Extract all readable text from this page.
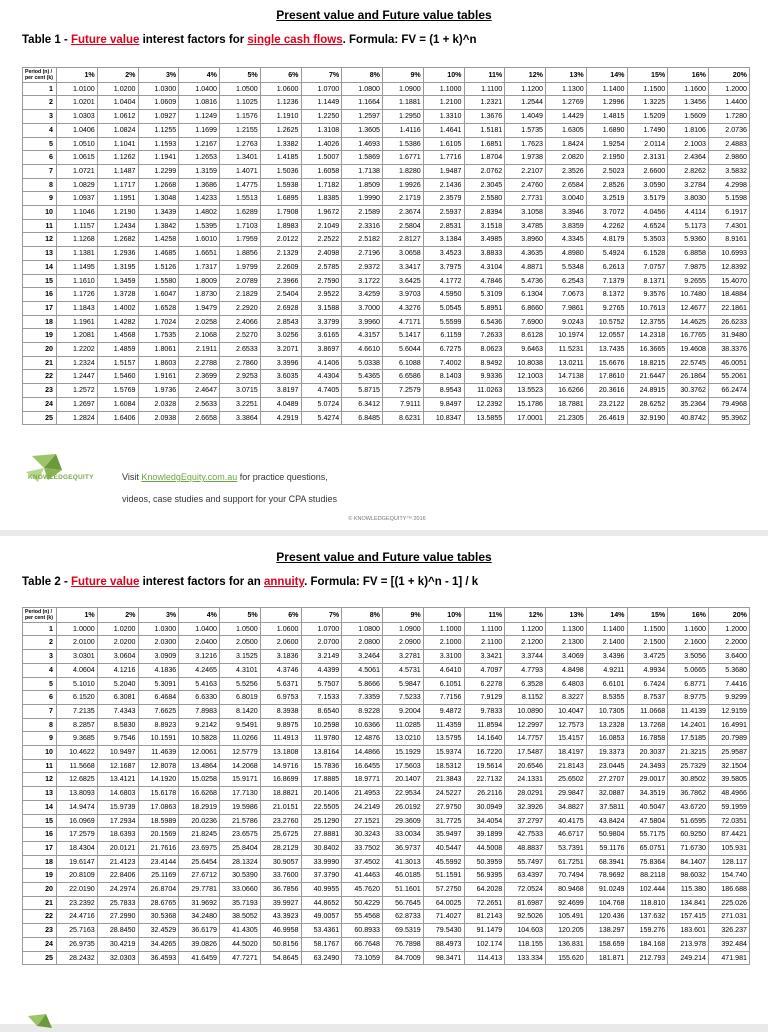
Present value and Future value tables
Table 1 - Future value interest factors for single cash flows. Formula: FV = (1 + k)^n
Period (n) / per cent (k)	1%	2%	3%	4%	5%	6%	7%	8%	9%	10%	11%	12%	13%	14%	15%	16%	20%
1	1.0100	1.0200	1.0300	1.0400	1.0500	1.0600	1.0700	1.0800	1.0900	1.1000	1.1100	1.1200	1.1300	1.1400	1.1500	1.1600	1.2000
2	1.0201	1.0404	1.0609	1.0816	1.1025	1.1236	1.1449	1.1664	1.1881	1.2100	1.2321	1.2544	1.2769	1.2996	1.3225	1.3456	1.4400
3	1.0303	1.0612	1.0927	1.1249	1.1576	1.1910	1.2250	1.2597	1.2950	1.3310	1.3676	1.4049	1.4429	1.4815	1.5209	1.5609	1.7280
4	1.0406	1.0824	1.1255	1.1699	1.2155	1.2625	1.3108	1.3605	1.4116	1.4641	1.5181	1.5735	1.6305	1.6890	1.7490	1.8106	2.0736
5	1.0510	1.1041	1.1593	1.2167	1.2763	1.3382	1.4026	1.4693	1.5386	1.6105	1.6851	1.7623	1.8424	1.9254	2.0114	2.1003	2.4883
6	1.0615	1.1262	1.1941	1.2653	1.3401	1.4185	1.5007	1.5869	1.6771	1.7716	1.8704	1.9738	2.0820	2.1950	2.3131	2.4364	2.9860
7	1.0721	1.1487	1.2299	1.3159	1.4071	1.5036	1.6058	1.7138	1.8280	1.9487	2.0762	2.2107	2.3526	2.5023	2.6600	2.8262	3.5832
8	1.0829	1.1717	1.2668	1.3686	1.4775	1.5938	1.7182	1.8509	1.9926	2.1436	2.3045	2.4760	2.6584	2.8526	3.0590	3.2784	4.2998
9	1.0937	1.1951	1.3048	1.4233	1.5513	1.6895	1.8385	1.9990	2.1719	2.3579	2.5580	2.7731	3.0040	3.2519	3.5179	3.8030	5.1598
10	1.1046	1.2190	1.3439	1.4802	1.6289	1.7908	1.9672	2.1589	2.3674	2.5937	2.8394	3.1058	3.3946	3.7072	4.0456	4.4114	6.1917
11	1.1157	1.2434	1.3842	1.5395	1.7103	1.8983	2.1049	2.3316	2.5804	2.8531	3.1518	3.4785	3.8359	4.2262	4.6524	5.1173	7.4301
12	1.1268	1.2682	1.4258	1.6010	1.7959	2.0122	2.2522	2.5182	2.8127	3.1384	3.4985	3.8960	4.3345	4.8179	5.3503	5.9360	8.9161
13	1.1381	1.2936	1.4685	1.6651	1.8856	2.1329	2.4098	2.7196	3.0658	3.4523	3.8833	4.3635	4.8980	5.4924	6.1528	6.8858	10.6993
14	1.1495	1.3195	1.5126	1.7317	1.9799	2.2609	2.5785	2.9372	3.3417	3.7975	4.3104	4.8871	5.5348	6.2613	7.0757	7.9875	12.8392
15	1.1610	1.3459	1.5580	1.8009	2.0789	2.3966	2.7590	3.1722	3.6425	4.1772	4.7846	5.4736	6.2543	7.1379	8.1371	9.2655	15.4070
16	1.1726	1.3728	1.6047	1.8730	2.1829	2.5404	2.9522	3.4259	3.9703	4.5950	5.3109	6.1304	7.0673	8.1372	9.3576	10.7480	18.4884
17	1.1843	1.4002	1.6528	1.9479	2.2920	2.6928	3.1588	3.7000	4.3276	5.0545	5.8951	6.8660	7.9861	9.2765	10.7613	12.4677	22.1861
18	1.1961	1.4282	1.7024	2.0258	2.4066	2.8543	3.3799	3.9960	4.7171	5.5599	6.5436	7.6900	9.0243	10.5752	12.3755	14.4625	26.6233
19	1.2081	1.4568	1.7535	2.1068	2.5270	3.0256	3.6165	4.3157	5.1417	6.1159	7.2633	8.6128	10.1974	12.0557	14.2318	16.7765	31.9480
20	1.2202	1.4859	1.8061	2.1911	2.6533	3.2071	3.8697	4.6610	5.6044	6.7275	8.0623	9.6463	11.5231	13.7435	16.3665	19.4608	38.3376
21	1.2324	1.5157	1.8603	2.2788	2.7860	3.3996	4.1406	5.0338	6.1088	7.4002	8.9492	10.8038	13.0211	15.6676	18.8215	22.5745	46.0051
22	1.2447	1.5460	1.9161	2.3699	2.9253	3.6035	4.4304	5.4365	6.6586	8.1403	9.9336	12.1003	14.7138	17.8610	21.6447	26.1864	55.2061
23	1.2572	1.5769	1.9736	2.4647	3.0715	3.8197	4.7405	5.8715	7.2579	8.9543	11.0263	13.5523	16.6266	20.3616	24.8915	30.3762	66.2474
24	1.2697	1.6084	2.0328	2.5633	3.2251	4.0489	5.0724	6.3412	7.9111	9.8497	12.2392	15.1786	18.7881	23.2122	28.6252	35.2364	79.4968
25	1.2824	1.6406	2.0938	2.6658	3.3864	4.2919	5.4274	6.8485	8.6231	10.8347	13.5855	17.0001	21.2305	26.4619	32.9190	40.8742	95.3962
KNOWLEDGEQUITY	Visit KnowledgEquity.com.au for practice questions,
videos, case studies and support for your CPA studies
© KNOWLEDGEQUITY™ 2016
Present value and Future value tables
Table 2 - Future value interest factors for an annuity. Formula: FV = [(1 + k)^n - 1] / k
Period (n) / per cent (k)	1%	2%	3%	4%	5%	6%	7%	8%	9%	10%	11%	12%	13%	14%	15%	16%	20%
1	1.0000	1.0200	1.0300	1.0400	1.0500	1.0600	1.0700	1.0800	1.0900	1.1000	1.1100	1.1200	1.1300	1.1400	1.1500	1.1600	1.2000
2	2.0100	2.0200	2.0300	2.0400	2.0500	2.0600	2.0700	2.0800	2.0900	2.1000	2.1100	2.1200	2.1300	2.1400	2.1500	2.1600	2.2000
3	3.0301	3.0604	3.0909	3.1216	3.1525	3.1836	3.2149	3.2464	3.2781	3.3100	3.3421	3.3744	3.4069	3.4396	3.4725	3.5056	3.6400
4	4.0604	4.1216	4.1836	4.2465	4.3101	4.3746	4.4399	4.5061	4.5731	4.6410	4.7097	4.7793	4.8498	4.9211	4.9934	5.0665	5.3680
5	5.1010	5.2040	5.3091	5.4163	5.5256	5.6371	5.7507	5.8666	5.9847	6.1051	6.2278	6.3528	6.4803	6.6101	6.7424	6.8771	7.4416
6	6.1520	6.3081	6.4684	6.6330	6.8019	6.9753	7.1533	7.3359	7.5233	7.7156	7.9129	8.1152	8.3227	8.5355	8.7537	8.9775	9.9299
7	7.2135	7.4343	7.6625	7.8983	8.1420	8.3938	8.6540	8.9228	9.2004	9.4872	9.7833	10.0890	10.4047	10.7305	11.0668	11.4139	12.9159
8	8.2857	8.5830	8.8923	9.2142	9.5491	9.8975	10.2598	10.6366	11.0285	11.4359	11.8594	12.2997	12.7573	13.2328	13.7268	14.2401	16.4991
9	9.3685	9.7546	10.1591	10.5828	11.0266	11.4913	11.9780	12.4876	13.0210	13.5795	14.1640	14.7757	15.4157	16.0853	16.7858	17.5185	20.7989
10	10.4622	10.9497	11.4639	12.0061	12.5779	13.1808	13.8164	14.4866	15.1929	15.9374	16.7220	17.5487	18.4197	19.3373	20.3037	21.3215	25.9587
11	11.5668	12.1687	12.8078	13.4864	14.2068	14.9716	15.7836	16.6455	17.5603	18.5312	19.5614	20.6546	21.8143	23.0445	24.3493	25.7329	32.1504
12	12.6825	13.4121	14.1920	15.0258	15.9171	16.8699	17.8885	18.9771	20.1407	21.3843	22.7132	24.1331	25.6502	27.2707	29.0017	30.8502	39.5805
13	13.8093	14.6803	15.6178	16.6268	17.7130	18.8821	20.1406	21.4953	22.9534	24.5227	26.2116	28.0291	29.9847	32.0887	34.3519	36.7862	48.4966
14	14.9474	15.9739	17.0863	18.2919	19.5986	21.0151	22.5505	24.2149	26.0192	27.9750	30.0949	32.3926	34.8827	37.5811	40.5047	43.6720	59.1959
15	16.0969	17.2934	18.5989	20.0236	21.5786	23.2760	25.1290	27.1521	29.3609	31.7725	34.4054	37.2797	40.4175	43.8424	47.5804	51.6595	72.0351
16	17.2579	18.6393	20.1569	21.8245	23.6575	25.6725	27.8881	30.3243	33.0034	35.9497	39.1899	42.7533	46.6717	50.9804	55.7175	60.9250	87.4421
17	18.4304	20.0121	21.7616	23.6975	25.8404	28.2129	30.8402	33.7502	36.9737	40.5447	44.5008	48.8837	53.7391	59.1176	65.0751	71.6730	105.931
18	19.6147	21.4123	23.4144	25.6454	28.1324	30.9057	33.9990	37.4502	41.3013	45.5992	50.3959	55.7497	61.7251	68.3941	75.8364	84.1407	128.117
19	20.8109	22.8406	25.1169	27.6712	30.5390	33.7600	37.3790	41.4463	46.0185	51.1591	56.9395	63.4397	70.7494	78.9692	88.2118	98.6032	154.740
20	22.0190	24.2974	26.8704	29.7781	33.0660	36.7856	40.9955	45.7620	51.1601	57.2750	64.2028	72.0524	80.9468	91.0249	102.444	115.380	186.688
21	23.2392	25.7833	28.6765	31.9692	35.7193	39.9927	44.8652	50.4229	56.7645	64.0025	72.2651	81.6987	92.4699	104.768	118.810	134.841	225.026
22	24.4716	27.2990	30.5368	34.2480	38.5052	43.3923	49.0057	55.4568	62.8733	71.4027	81.2143	92.5026	105.491	120.436	137.632	157.415	271.031
23	25.7163	28.8450	32.4529	36.6179	41.4305	46.9958	53.4361	60.8933	69.5319	79.5430	91.1479	104.603	120.205	138.297	159.276	183.601	326.237
24	26.9735	30.4219	34.4265	39.0826	44.5020	50.8156	58.1767	66.7648	76.7898	88.4973	102.174	118.155	136.831	158.659	184.168	213.978	392.484
25	28.2432	32.0303	36.4593	41.6459	47.7271	54.8645	63.2490	73.1059	84.7009	98.3471	114.413	133.334	155.620	181.871	212.793	249.214	471.981
